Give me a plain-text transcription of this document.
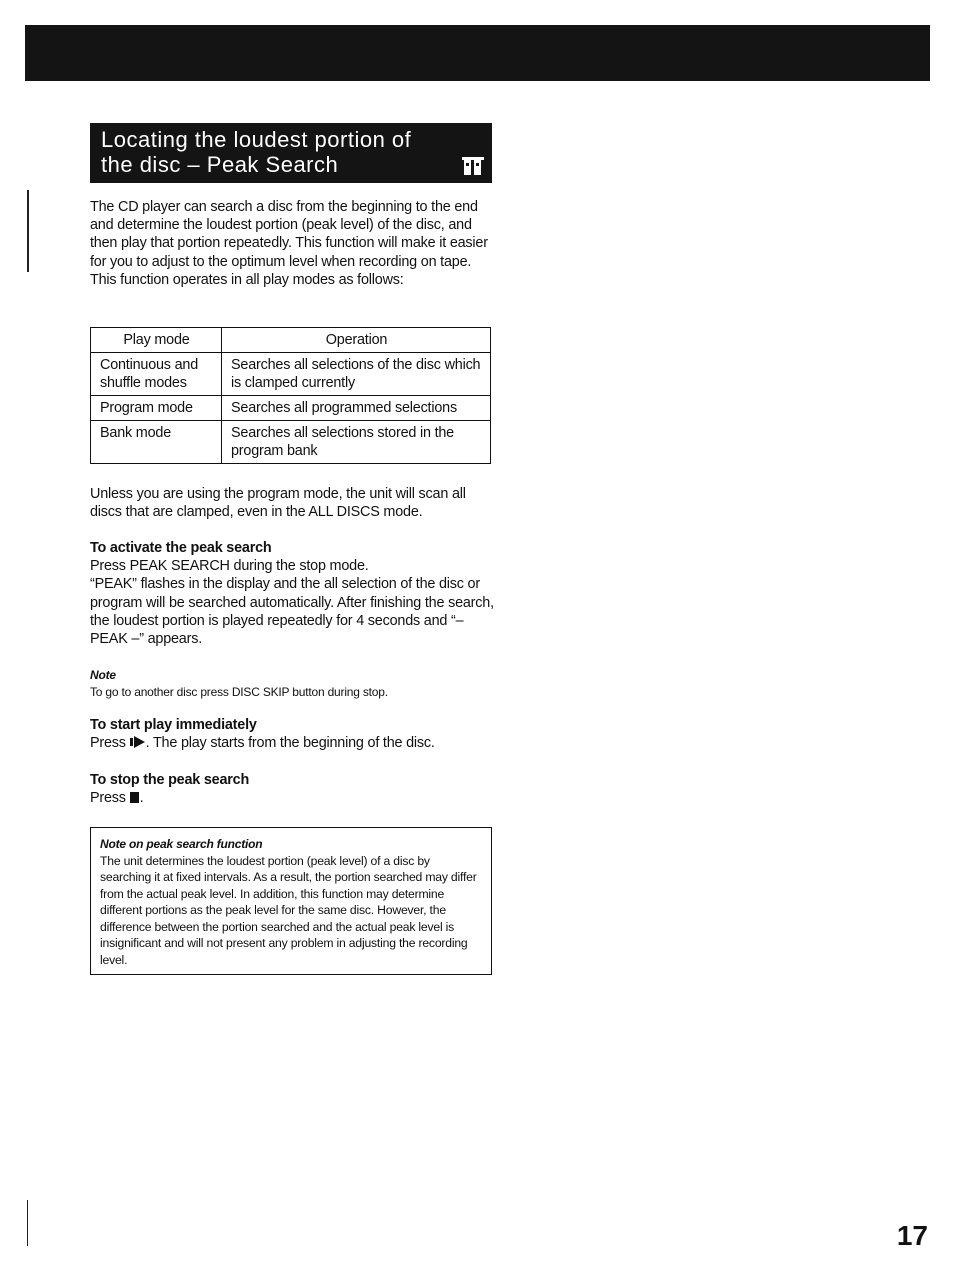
Locating the loudest portion of
the disc – Peak Search

The CD player can search a disc from the beginning to the end and determine the loudest portion (peak level) of the disc, and then play that portion repeatedly. This function will make it easier for you to adjust to the optimum level when recording on tape.

This function operates in all play modes as follows:

Play mode	Operation
Continuous and shuffle modes	Searches all selections of the disc which is clamped currently
Program mode	Searches all programmed selections
Bank mode	Searches all selections stored in the program bank

Unless you are using the program mode, the unit will scan all discs that are clamped, even in the ALL DISCS mode.

To activate the peak search

Press PEAK SEARCH during the stop mode.

“PEAK” flashes in the display and the all selection of the disc or program will be searched automatically. After finishing the search, the loudest portion is played repeatedly for 4 seconds and “– PEAK –” appears.

Note

To go to another disc press DISC SKIP button during stop.

To start play immediately

Press . The play starts from the beginning of the disc.

To stop the peak search

Press .

Note on peak search function

The unit determines the loudest portion (peak level) of a disc by searching it at fixed intervals. As a result, the portion searched may differ from the actual peak level. In addition, this function may determine different portions as the peak level for the same disc. However, the difference between the portion searched and the actual peak level is insignificant and will not present any problem in adjusting the recording level.

17
